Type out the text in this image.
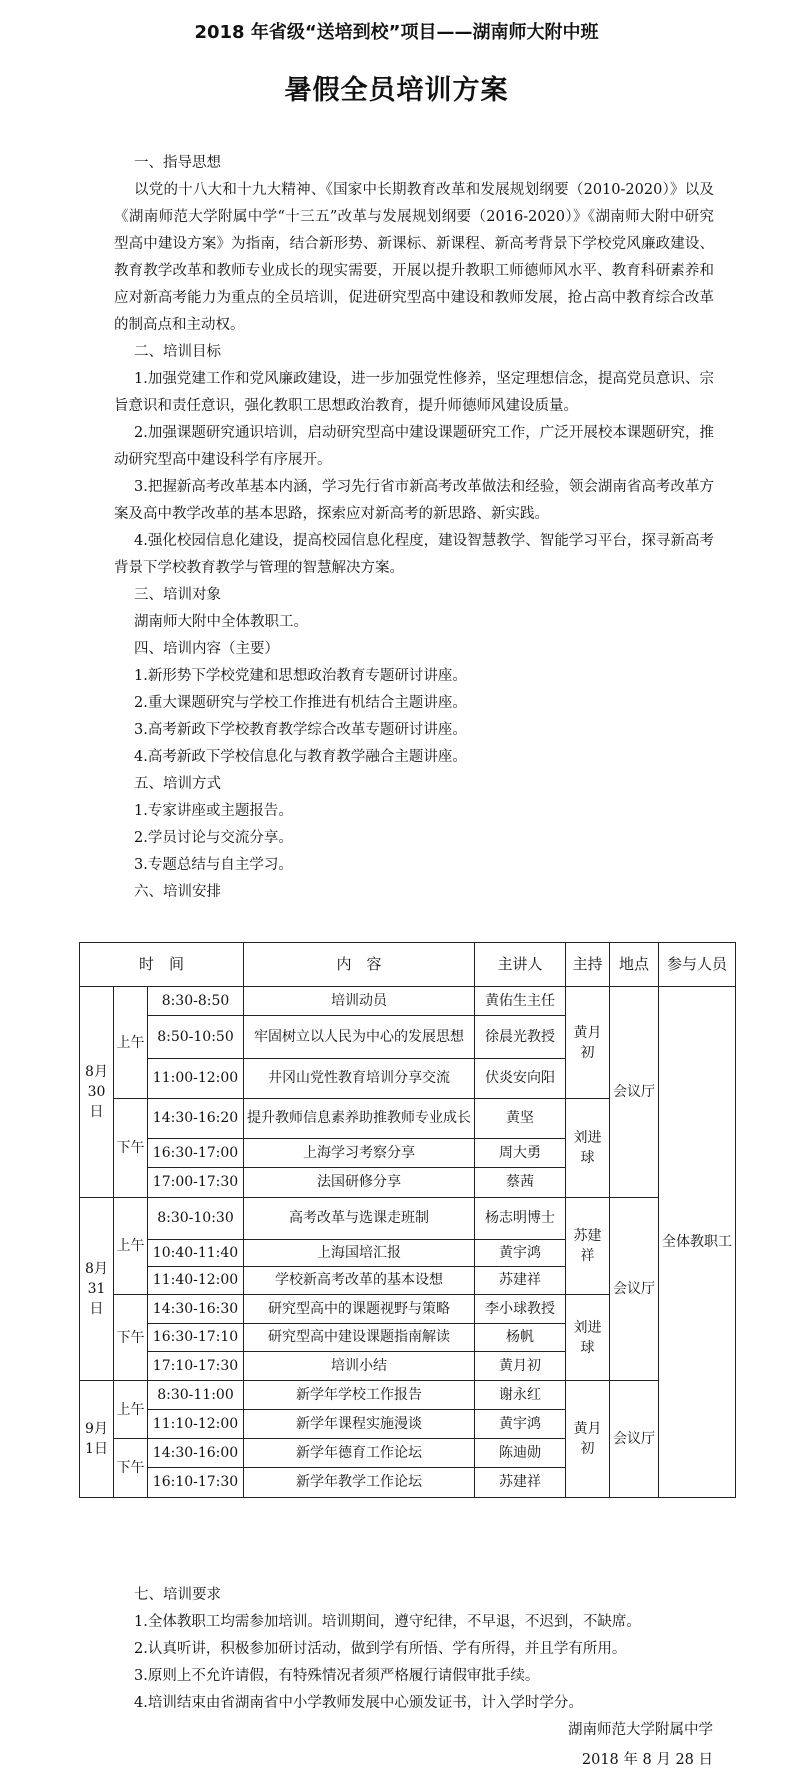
2018 年省级“送培到校”项目——湖南师大附中班
暑假全员培训方案
一、指导思想
以党的十八大和十九大精神、《国家中长期教育改革和发展规划纲要（2010-2020）》以及《湖南师范大学附属中学“十三五”改革与发展规划纲要（2016-2020）》《湖南师大附中研究型高中建设方案》为指南，结合新形势、新课标、新课程、新高考背景下学校党风廉政建设、教育教学改革和教师专业成长的现实需要，开展以提升教职工师德师风水平、教育科研素养和应对新高考能力为重点的全员培训，促进研究型高中建设和教师发展，抢占高中教育综合改革的制高点和主动权。
二、培训目标
1.加强党建工作和党风廉政建设，进一步加强党性修养，坚定理想信念，提高党员意识、宗旨意识和责任意识，强化教职工思想政治教育，提升师德师风建设质量。
2.加强课题研究通识培训，启动研究型高中建设课题研究工作，广泛开展校本课题研究，推动研究型高中建设科学有序展开。
3.把握新高考改革基本内涵，学习先行省市新高考改革做法和经验，领会湖南省高考改革方案及高中教学改革的基本思路，探索应对新高考的新思路、新实践。
4.强化校园信息化建设，提高校园信息化程度，建设智慧教学、智能学习平台，探寻新高考背景下学校教育教学与管理的智慧解决方案。
三、培训对象
湖南师大附中全体教职工。
四、培训内容（主要）
1.新形势下学校党建和思想政治教育专题研讨讲座。
2.重大课题研究与学校工作推进有机结合主题讲座。
3.高考新政下学校教育教学综合改革专题研讨讲座。
4.高考新政下学校信息化与教育教学融合主题讲座。
五、培训方式
1.专家讲座或主题报告。
2.学员讨论与交流分享。
3.专题总结与自主学习。
六、培训安排
时　间			内　容	主讲人	主持	地点	参与人员
8月30日	上午	8:30-8:50	培训动员	黄佑生主任	黄月初	会议厅	全体教职工
		8:50-10:50	牢固树立以人民为中心的发展思想	徐晨光教授			
		11:00-12:00	井冈山党性教育培训分享交流	伏炎安向阳			
	下午	14:30-16:20	提升教师信息素养助推教师专业成长	黄坚	刘进球		
		16:30-17:00	上海学习考察分享	周大勇			
		17:00-17:30	法国研修分享	蔡茜			
8月31日	上午	8:30-10:30	高考改革与选课走班制	杨志明博士	苏建祥	会议厅	
		10:40-11:40	上海国培汇报	黄宇鸿			
		11:40-12:00	学校新高考改革的基本设想	苏建祥			
	下午	14:30-16:30	研究型高中的课题视野与策略	李小球教授	刘进球		
		16:30-17:10	研究型高中建设课题指南解读	杨帆			
		17:10-17:30	培训小结	黄月初			
9月1日	上午	8:30-11:00	新学年学校工作报告	谢永红	黄月初	会议厅	
		11:10-12:00	新学年课程实施漫谈	黄宇鸿			
	下午	14:30-16:00	新学年德育工作论坛	陈迪勋			
		16:10-17:30	新学年教学工作论坛	苏建祥			
七、培训要求
1.全体教职工均需参加培训。培训期间，遵守纪律，不早退，不迟到，不缺席。
2.认真听讲，积极参加研讨活动，做到学有所悟、学有所得，并且学有所用。
3.原则上不允许请假，有特殊情况者须严格履行请假审批手续。
4.培训结束由省湖南省中小学教师发展中心颁发证书，计入学时学分。
湖南师范大学附属中学
2018 年 8 月 28 日
